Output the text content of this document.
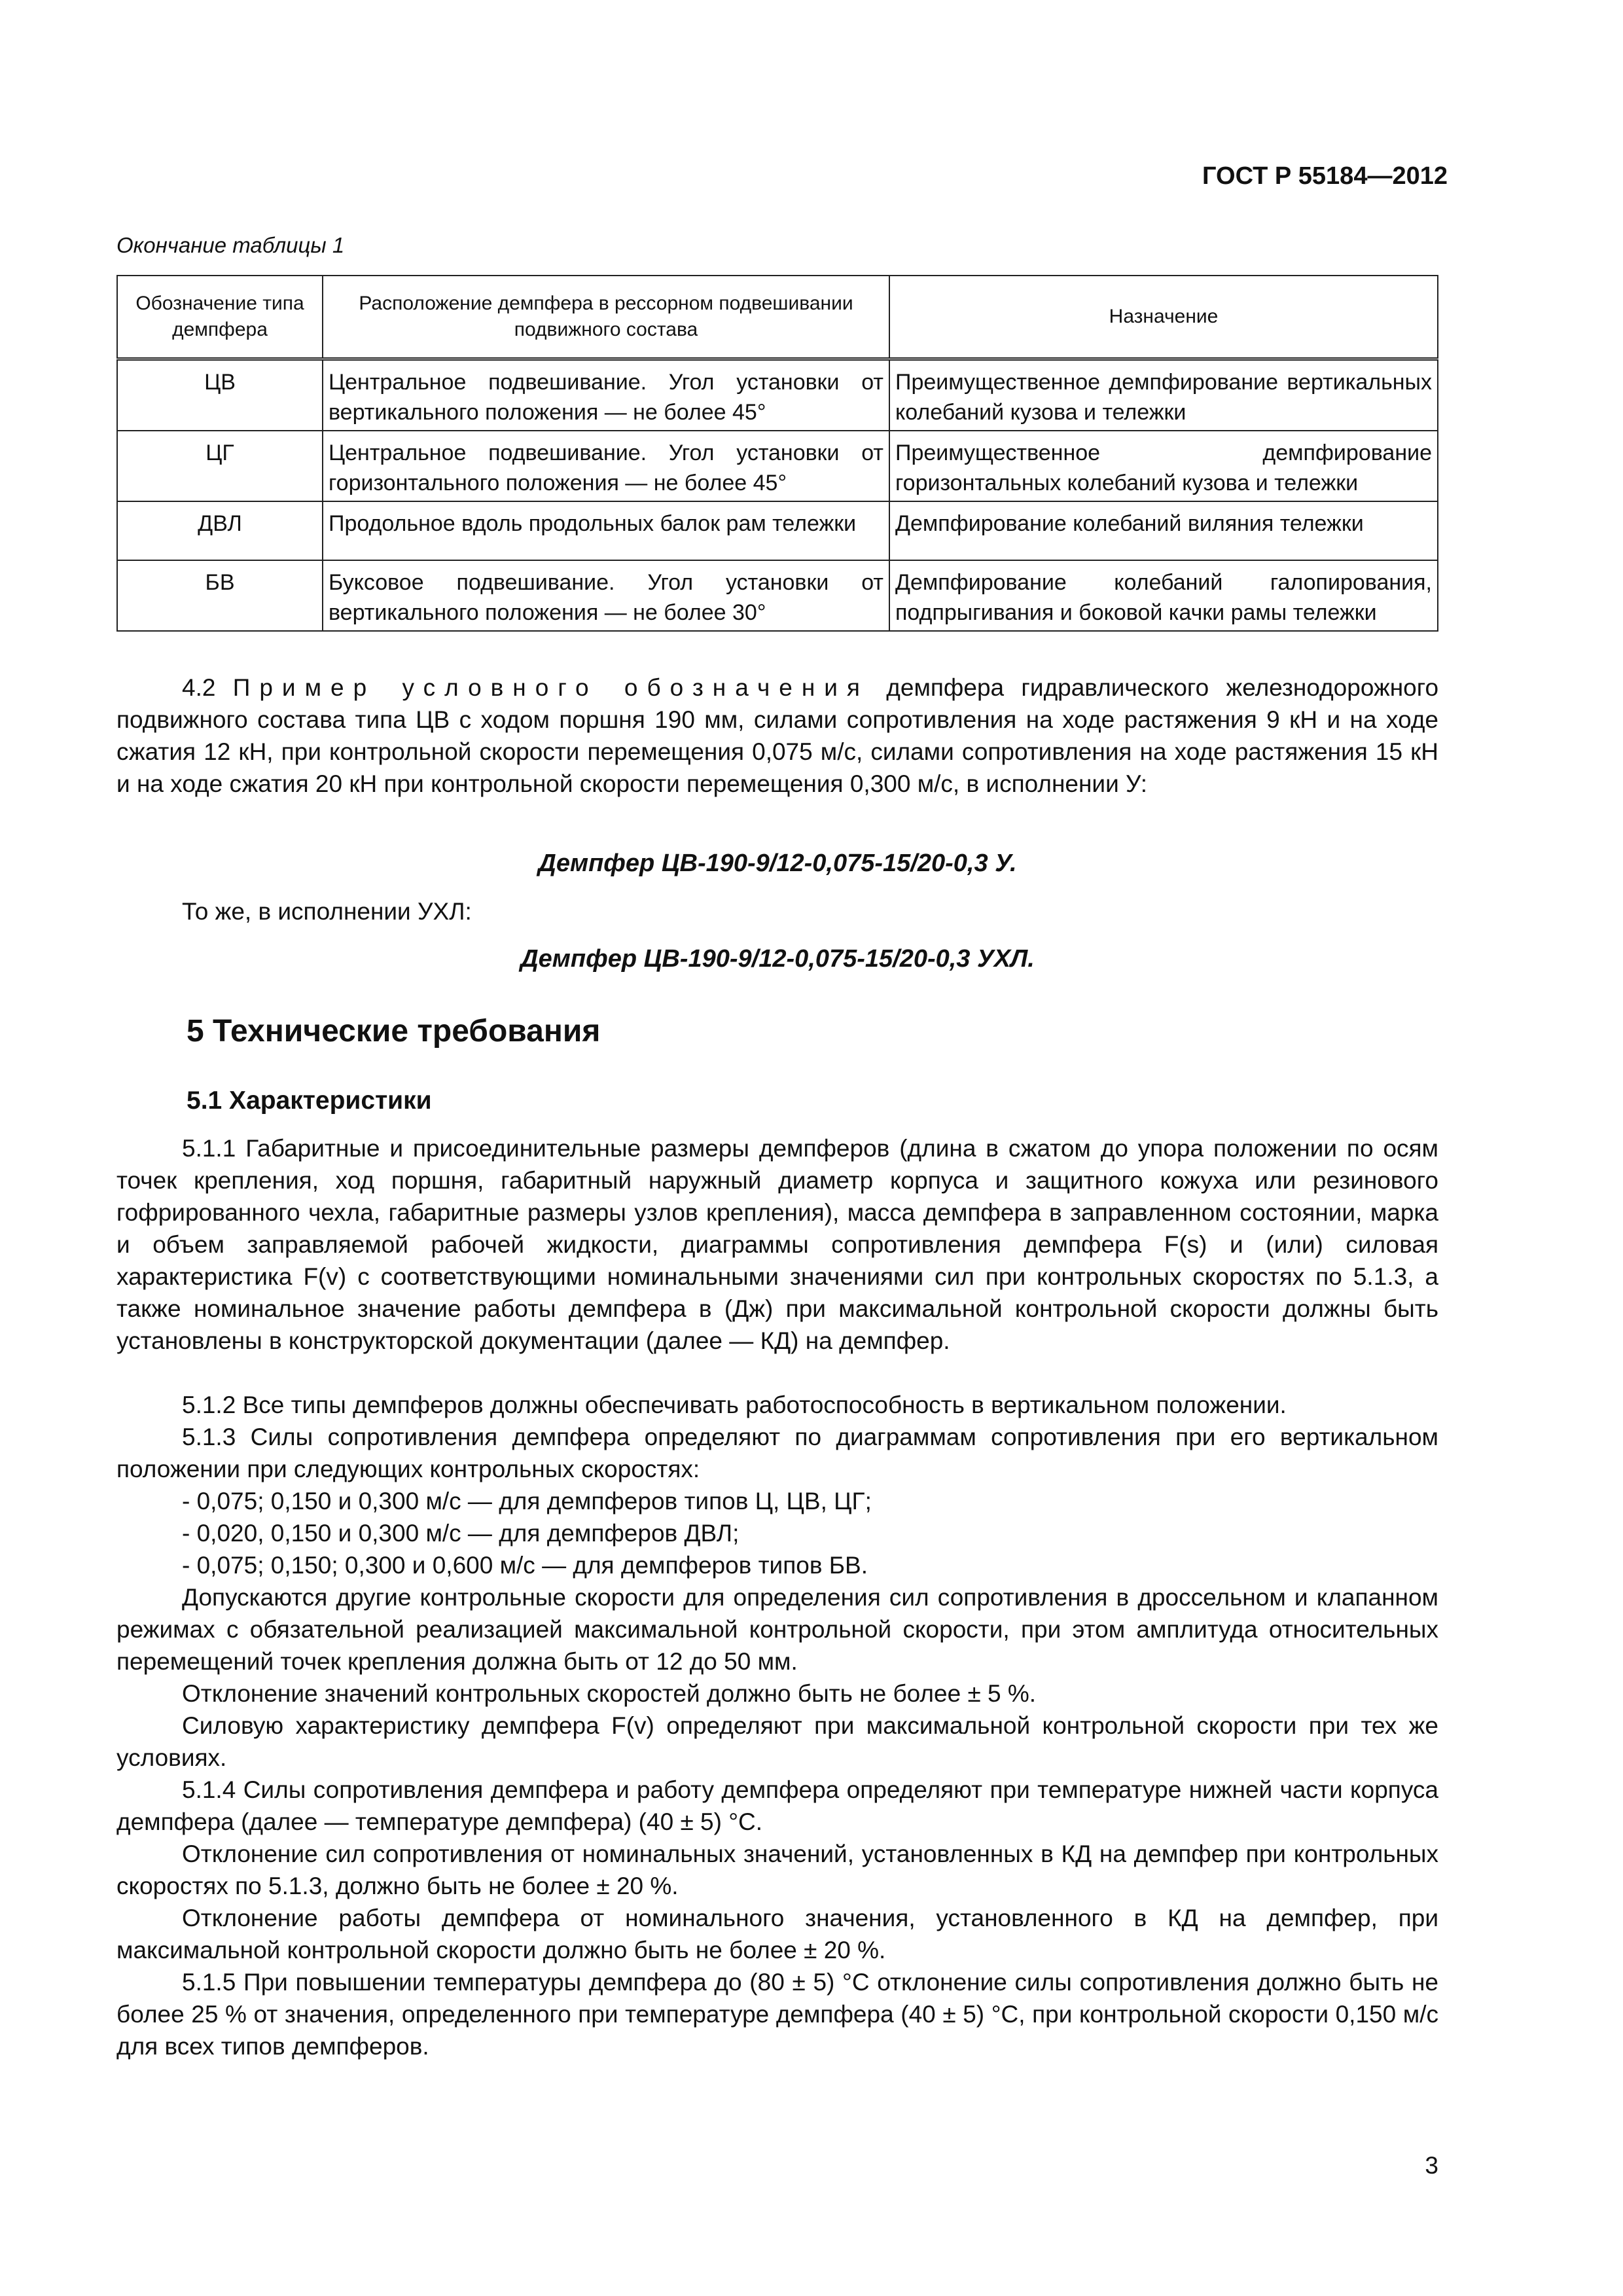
ГОСТ Р 55184—2012
Окончание таблицы 1
Обозначение типа демпфера	Расположение демпфера в рессорном подвешивании подвижного состава	Назначение
ЦВ	Центральное подвешивание. Угол установки от вертикального положения — не более 45°	Преимущественное демпфирование вертикальных колебаний кузова и тележки
ЦГ	Центральное подвешивание. Угол установки от горизонтального положения — не более 45°	Преимущественное демпфирование горизонтальных колебаний кузова и тележки
ДВЛ	Продольное вдоль продольных балок рам тележки	Демпфирование колебаний виляния тележки
БВ	Буксовое подвешивание. Угол установки от вертикального положения — не более 30°	Демпфирование колебаний галопирования, подпрыгивания и боковой качки рамы тележки

4.2 Пример условного обозначения демпфера гидравлического железнодорожного подвижного состава типа ЦВ с ходом поршня 190 мм, силами сопротивления на ходе растяжения 9 кН и на ходе сжатия 12 кН, при контрольной скорости перемещения 0,075 м/с, силами сопротивления на ходе растяжения 15 кН и на ходе сжатия 20 кН при контрольной скорости перемещения 0,300 м/с, в исполнении У:

Демпфер ЦВ-190-9/12-0,075-15/20-0,3 У.
То же, в исполнении УХЛ:
Демпфер ЦВ-190-9/12-0,075-15/20-0,3 УХЛ.
5 Технические требования
5.1 Характеристики

5.1.1 Габаритные и присоединительные размеры демпферов (длина в сжатом до упора положении по осям точек крепления, ход поршня, габаритный наружный диаметр корпуса и защитного кожуха или резинового гофрированного чехла, габаритные размеры узлов крепления), масса демпфера в заправленном состоянии, марка и объем заправляемой рабочей жидкости, диаграммы сопротивления демпфера F(s) и (или) силовая характеристика F(v) с соответствующими номинальными значениями сил при контрольных скоростях по 5.1.3, а также номинальное значение работы демпфера в (Дж) при максимальной контрольной скорости должны быть установлены в конструкторской документации (далее — КД) на демпфер.

5.1.2 Все типы демпферов должны обеспечивать работоспособность в вертикальном положении.

5.1.3 Силы сопротивления демпфера определяют по диаграммам сопротивления при его вертикальном положении при следующих контрольных скоростях:

- 0,075; 0,150 и 0,300 м/с — для демпферов типов Ц, ЦВ, ЦГ;
- 0,020, 0,150 и 0,300 м/с — для демпферов ДВЛ;
- 0,075; 0,150; 0,300 и 0,600 м/с — для демпферов типов БВ.

Допускаются другие контрольные скорости для определения сил сопротивления в дроссельном и клапанном режимах с обязательной реализацией максимальной контрольной скорости, при этом амплитуда относительных перемещений точек крепления должна быть от 12 до 50 мм.

Отклонение значений контрольных скоростей должно быть не более ± 5 %.

Силовую характеристику демпфера F(v) определяют при максимальной контрольной скорости при тех же условиях.

5.1.4 Силы сопротивления демпфера и работу демпфера определяют при температуре нижней части корпуса демпфера (далее — температуре демпфера) (40 ± 5) °С.

Отклонение сил сопротивления от номинальных значений, установленных в КД на демпфер при контрольных скоростях по 5.1.3, должно быть не более ± 20 %.

Отклонение работы демпфера от номинального значения, установленного в КД на демпфер, при максимальной контрольной скорости должно быть не более ± 20 %.

5.1.5 При повышении температуры демпфера до (80 ± 5) °С отклонение силы сопротивления должно быть не более 25 % от значения, определенного при температуре демпфера (40 ± 5) °С, при контрольной скорости 0,150 м/с для всех типов демпферов.

3
